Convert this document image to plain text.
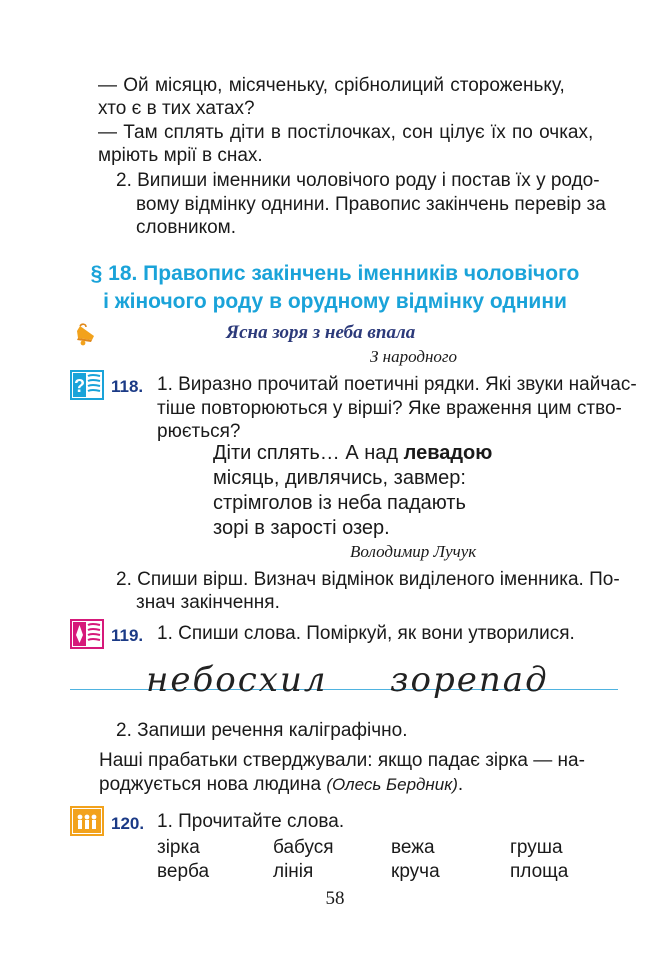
— Ой місяцю, місяченьку, срібнолиций стороженьку,
хто є в тих хатах?
— Там сплять діти в постілочках, сон цілує їх по очках,
мріють мрії в снах.
2. Випиши іменники чоловічого роду і постав їх у родо-
вому відмінку однини. Правопис закінчень перевір за
словником.
§ 18. Правопис закінчень іменників чоловічого
і жіночого роду в орудному відмінку однини
Ясна зоря з неба впала
З народного
? 118. 1. Виразно прочитай поетичні рядки. Які звуки найчас-
тіше повторюються у вірші? Яке враження цим ство-
рюється?
Діти сплять… А над левадою
місяць, дивлячись, завмер:
стрімголов із неба падають
зорі в зарості озер.
Володимир Лучук
2. Спиши вірш. Визнач відмінок виділеного іменника. По-
знач закінчення.
119. 1. Спиши слова. Поміркуй, як вони утворилися.
небосхил зорепад
2. Запиши речення каліграфічно.
Наші прабатьки стверджували: якщо падає зірка — на-
роджується нова людина (Олесь Бердник).
120. 1. Прочитайте слова.
зірка	бабуся	вежа	груша
верба	лінія	круча	площа
58
